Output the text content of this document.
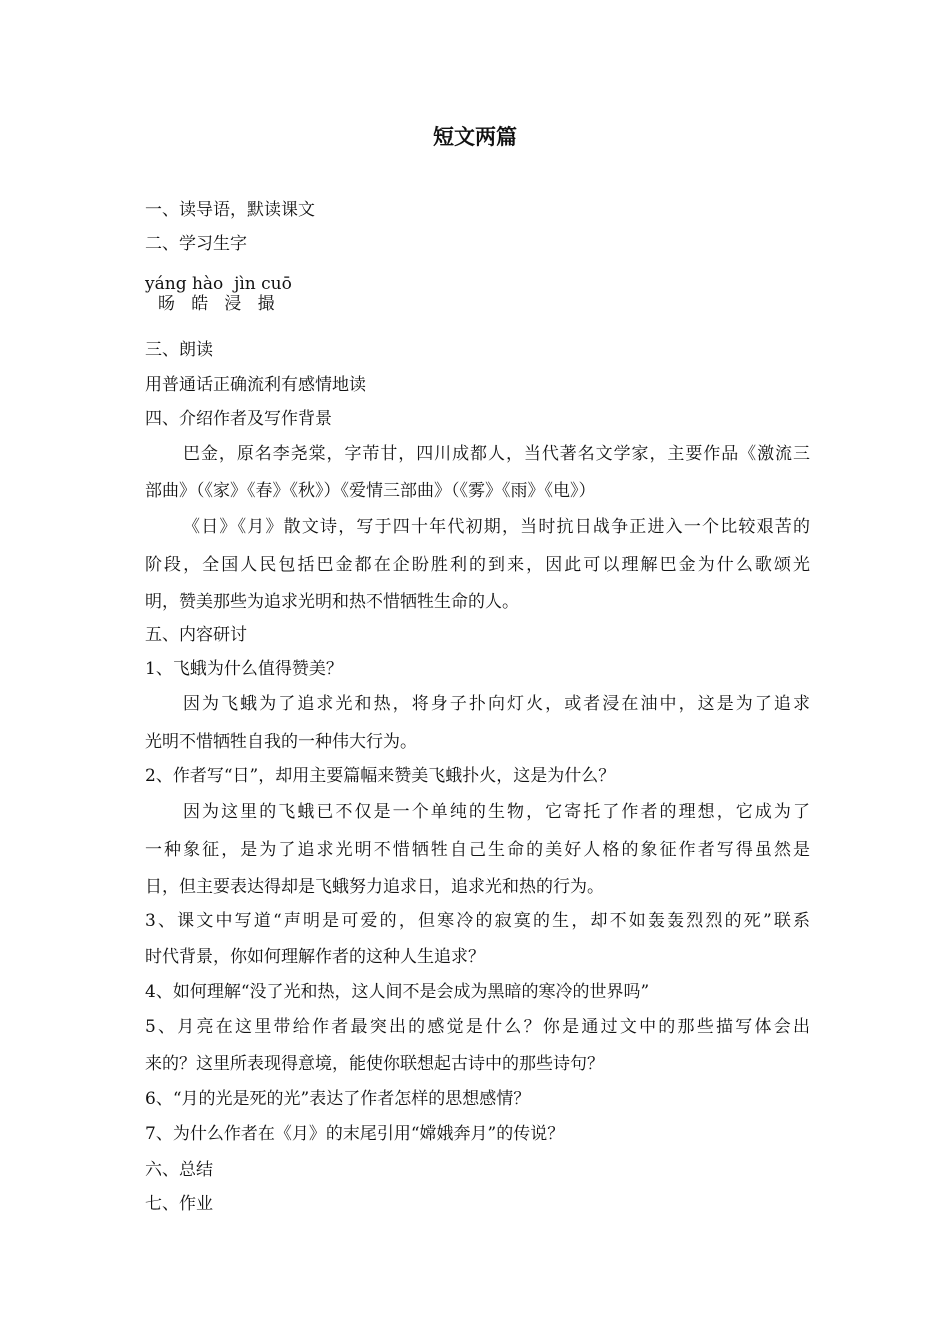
短文两篇
一、读导语，默读课文
二、学习生字
yáng hào  jìn cuō
旸   皓   浸   撮
三、朗读
用普通话正确流利有感情地读
四、介绍作者及写作背景
巴金，原名李尧棠，字芾甘，四川成都人，当代著名文学家，主要作品《激流三
部曲》（《家》《春》《秋》）《爱情三部曲》（《雾》《雨》《电》）
《日》《月》散文诗，写于四十年代初期，当时抗日战争正进入一个比较艰苦的
阶段，全国人民包括巴金都在企盼胜利的到来，因此可以理解巴金为什么歌颂光
明，赞美那些为追求光明和热不惜牺牲生命的人。
五、内容研讨
1、飞蛾为什么值得赞美？
因为飞蛾为了追求光和热，将身子扑向灯火，或者浸在油中，这是为了追求
光明不惜牺牲自我的一种伟大行为。
2、作者写“日”，却用主要篇幅来赞美飞蛾扑火，这是为什么？
因为这里的飞蛾已不仅是一个单纯的生物，它寄托了作者的理想，它成为了
一种象征，是为了追求光明不惜牺牲自己生命的美好人格的象征作者写得虽然是
日，但主要表达得却是飞蛾努力追求日，追求光和热的行为。
3、课文中写道“声明是可爱的，但寒冷的寂寞的生，却不如轰轰烈烈的死”联系
时代背景，你如何理解作者的这种人生追求？
4、如何理解“没了光和热，这人间不是会成为黑暗的寒冷的世界吗”
5、月亮在这里带给作者最突出的感觉是什么？你是通过文中的那些描写体会出
来的？这里所表现得意境，能使你联想起古诗中的那些诗句？
6、“月的光是死的光”表达了作者怎样的思想感情？
7、为什么作者在《月》的末尾引用“嫦娥奔月”的传说？
六、总结
七、作业
